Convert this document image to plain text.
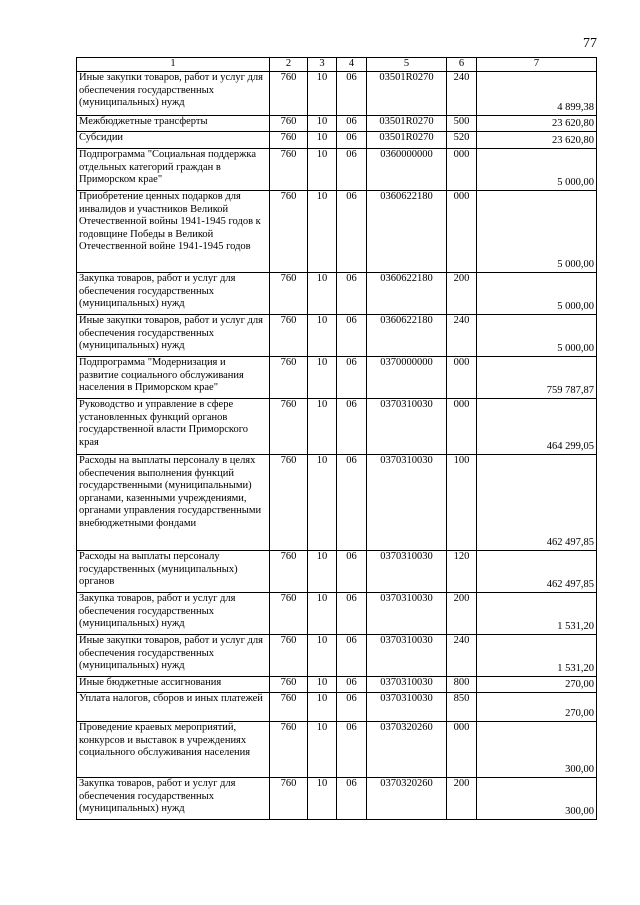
77
1	2	3	4	5	6	7
Иные закупки товаров, работ и услуг для обеспечения государственных (муниципальных) нужд	760	10	06	03501R0270	240	4 899,38
Межбюджетные трансферты	760	10	06	03501R0270	500	23 620,80
Субсидии	760	10	06	03501R0270	520	23 620,80
Подпрограмма "Социальная поддержка отдельных категорий граждан в Приморском крае"	760	10	06	0360000000	000	5 000,00
Приобретение ценных подарков для инвалидов и участников Великой Отечественной войны 1941-1945 годов к годовщине Победы в Великой Отечественной войне 1941-1945 годов	760	10	06	0360622180	000	5 000,00
Закупка товаров, работ и услуг для обеспечения государственных (муниципальных) нужд	760	10	06	0360622180	200	5 000,00
Иные закупки товаров, работ и услуг для обеспечения государственных (муниципальных) нужд	760	10	06	0360622180	240	5 000,00
Подпрограмма "Модернизация и развитие социального обслуживания населения в Приморском крае"	760	10	06	0370000000	000	759 787,87
Руководство и управление в сфере установленных функций органов государственной власти Приморского края	760	10	06	0370310030	000	464 299,05
Расходы на выплаты персоналу в целях обеспечения выполнения функций государственными (муниципальными) органами, казенными учреждениями, органами управления государственными внебюджетными фондами	760	10	06	0370310030	100	462 497,85
Расходы на выплаты персоналу государственных (муниципальных) органов	760	10	06	0370310030	120	462 497,85
Закупка товаров, работ и услуг для обеспечения государственных (муниципальных) нужд	760	10	06	0370310030	200	1 531,20
Иные закупки товаров, работ и услуг для обеспечения государственных (муниципальных) нужд	760	10	06	0370310030	240	1 531,20
Иные бюджетные ассигнования	760	10	06	0370310030	800	270,00
Уплата налогов, сборов и иных платежей	760	10	06	0370310030	850	270,00
Проведение краевых мероприятий, конкурсов и выставок в учреждениях социального обслуживания населения	760	10	06	0370320260	000	300,00
Закупка товаров, работ и услуг для обеспечения государственных (муниципальных) нужд	760	10	06	0370320260	200	300,00
